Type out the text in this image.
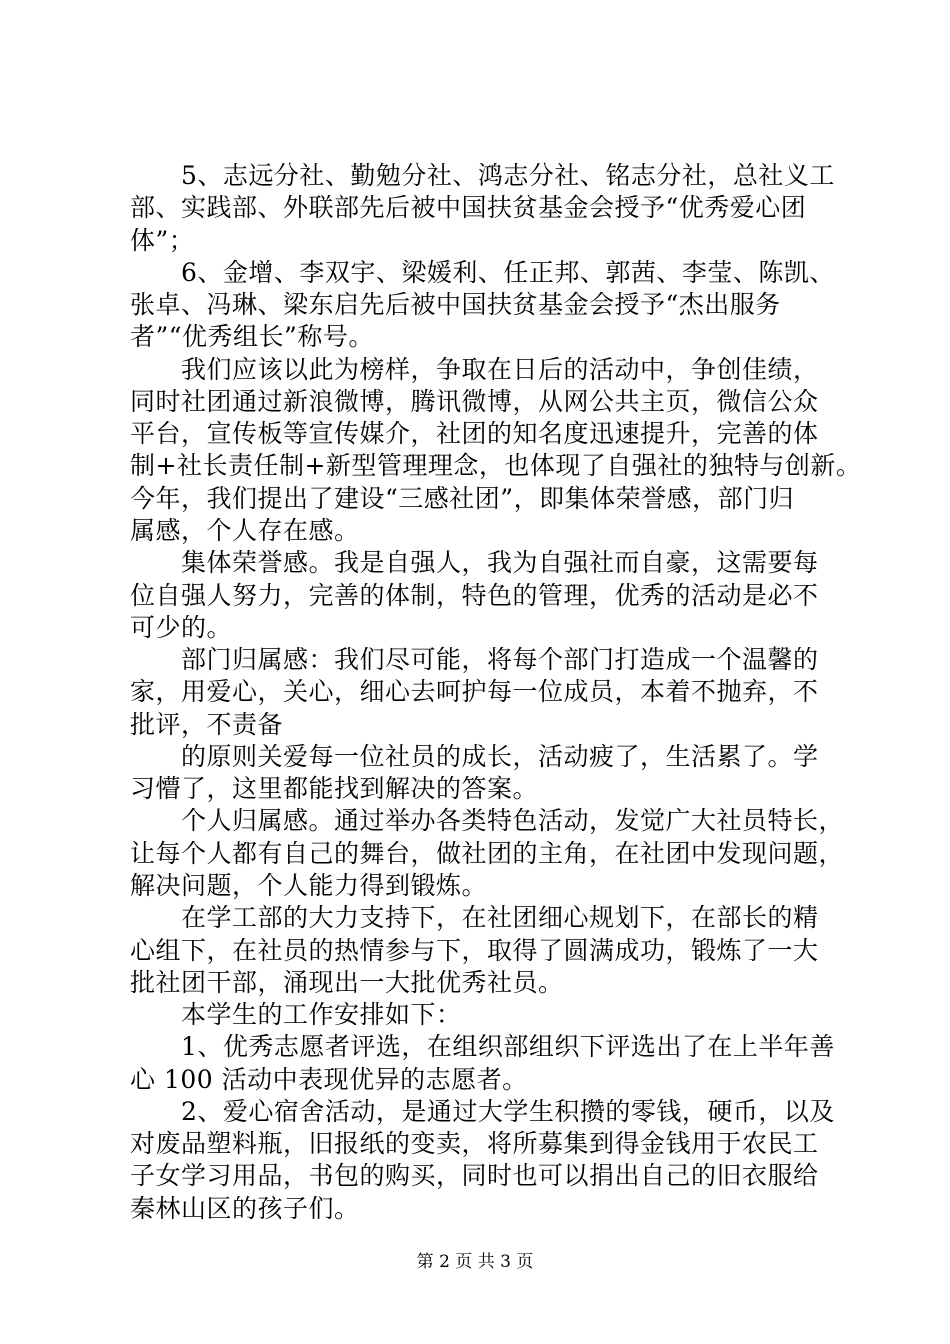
　　5、志远分社、勤勉分社、鸿志分社、铭志分社，总社义工
部、实践部、外联部先后被中国扶贫基金会授予“优秀爱心团
体”；
　　6、金增、李双宇、梁媛利、任正邦、郭茜、李莹、陈凯、
张卓、冯琳、梁东启先后被中国扶贫基金会授予“杰出服务
者”“优秀组长”称号。
　　我们应该以此为榜样，争取在日后的活动中，争创佳绩，
同时社团通过新浪微博，腾讯微博，从网公共主页，微信公众
平台，宣传板等宣传媒介，社团的知名度迅速提升，完善的体
制+社长责任制+新型管理理念，也体现了自强社的独特与创新。
今年，我们提出了建设“三感社团”，即集体荣誉感，部门归
属感，个人存在感。
　　集体荣誉感。我是自强人，我为自强社而自豪，这需要每
位自强人努力，完善的体制，特色的管理，优秀的活动是必不
可少的。
　　部门归属感：我们尽可能，将每个部门打造成一个温馨的
家，用爱心，关心，细心去呵护每一位成员，本着不抛弃，不
批评，不责备
　　的原则关爱每一位社员的成长，活动疲了，生活累了。学
习懵了，这里都能找到解决的答案。
　　个人归属感。通过举办各类特色活动，发觉广大社员特长，
让每个人都有自己的舞台，做社团的主角，在社团中发现问题，
解决问题，个人能力得到锻炼。
　　在学工部的大力支持下，在社团细心规划下，在部长的精
心组下，在社员的热情参与下，取得了圆满成功，锻炼了一大
批社团干部，涌现出一大批优秀社员。
　　本学生的工作安排如下：
　　1、优秀志愿者评选，在组织部组织下评选出了在上半年善
心 100 活动中表现优异的志愿者。
　　2、爱心宿舍活动，是通过大学生积攒的零钱，硬币，以及
对废品塑料瓶，旧报纸的变卖，将所募集到得金钱用于农民工
子女学习用品，书包的购买，同时也可以捐出自己的旧衣服给
秦林山区的孩子们。
第 2 页 共 3 页
